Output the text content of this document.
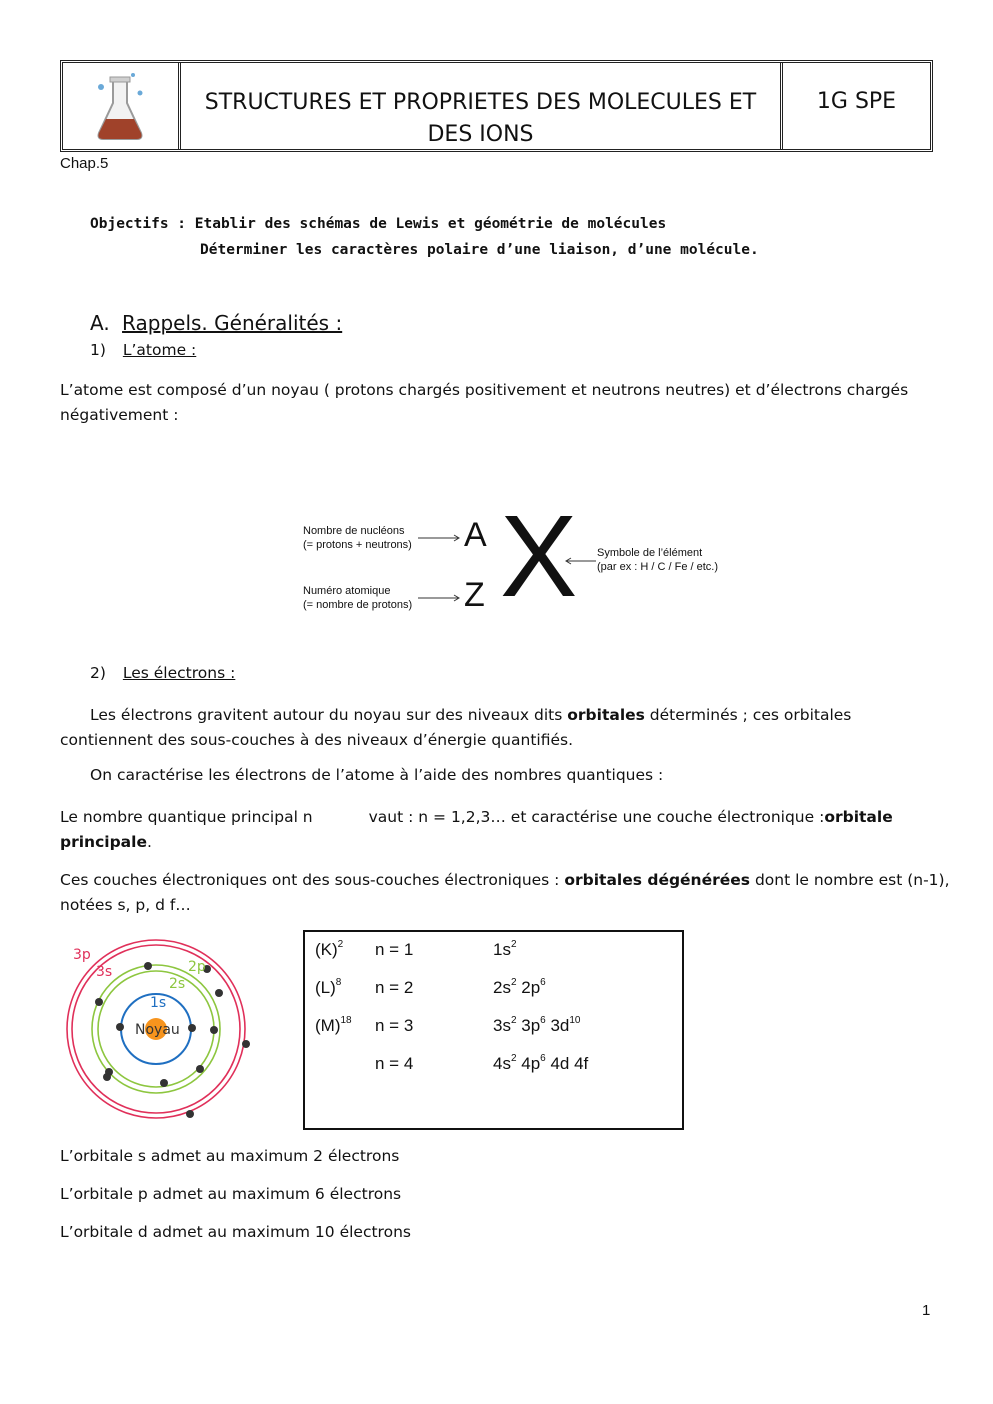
STRUCTURES ET PROPRIETES DES MOLECULES ET DES IONS
1G SPE
Chap.5
Objectifs : Etablir des schémas de Lewis et géométrie de molécules
Déterminer les caractères polaire d’une liaison, d’une molécule.
A. Rappels. Généralités :
1) L’atome :
L’atome est composé d’un noyau ( protons chargés positivement et neutrons neutres) et d’électrons chargés
négativement :
Nombre de nucléons
(= protons + neutrons)
Numéro atomique
(= nombre de protons)
A
Z X Symbole de l’élément
(par ex : H / C / Fe / etc.)
2) Les électrons :
Les électrons gravitent autour du noyau sur des niveaux dits orbitales déterminés ; ces orbitales
contiennent des sous-couches à des niveaux d’énergie quantifiés.
On caractérise les électrons de l’atome à l’aide des nombres quantiques :
Le nombre quantique principal n	vaut : n = 1,2,3… et caractérise une couche électronique :orbitale
principale.
Ces couches électroniques ont des sous-couches électroniques : orbitales dégénérées dont le nombre est (n-1),
notées s, p, d f…
3p
3s	2p
2s
1s
Noyau
$(K)^2$ n = 1	$1s^2$
$(L)^8$ n = 2	$2s^2$ $2p^6$
$(M)^{18}$ n = 3	$3s^2$ $3p^6$ $3d^{10}$
n = 4	$4s^2$ $4p^6$ 4d 4f
L’orbitale s admet au maximum 2 électrons
L’orbitale p admet au maximum 6 électrons
L’orbitale d admet au maximum 10 électrons
1
